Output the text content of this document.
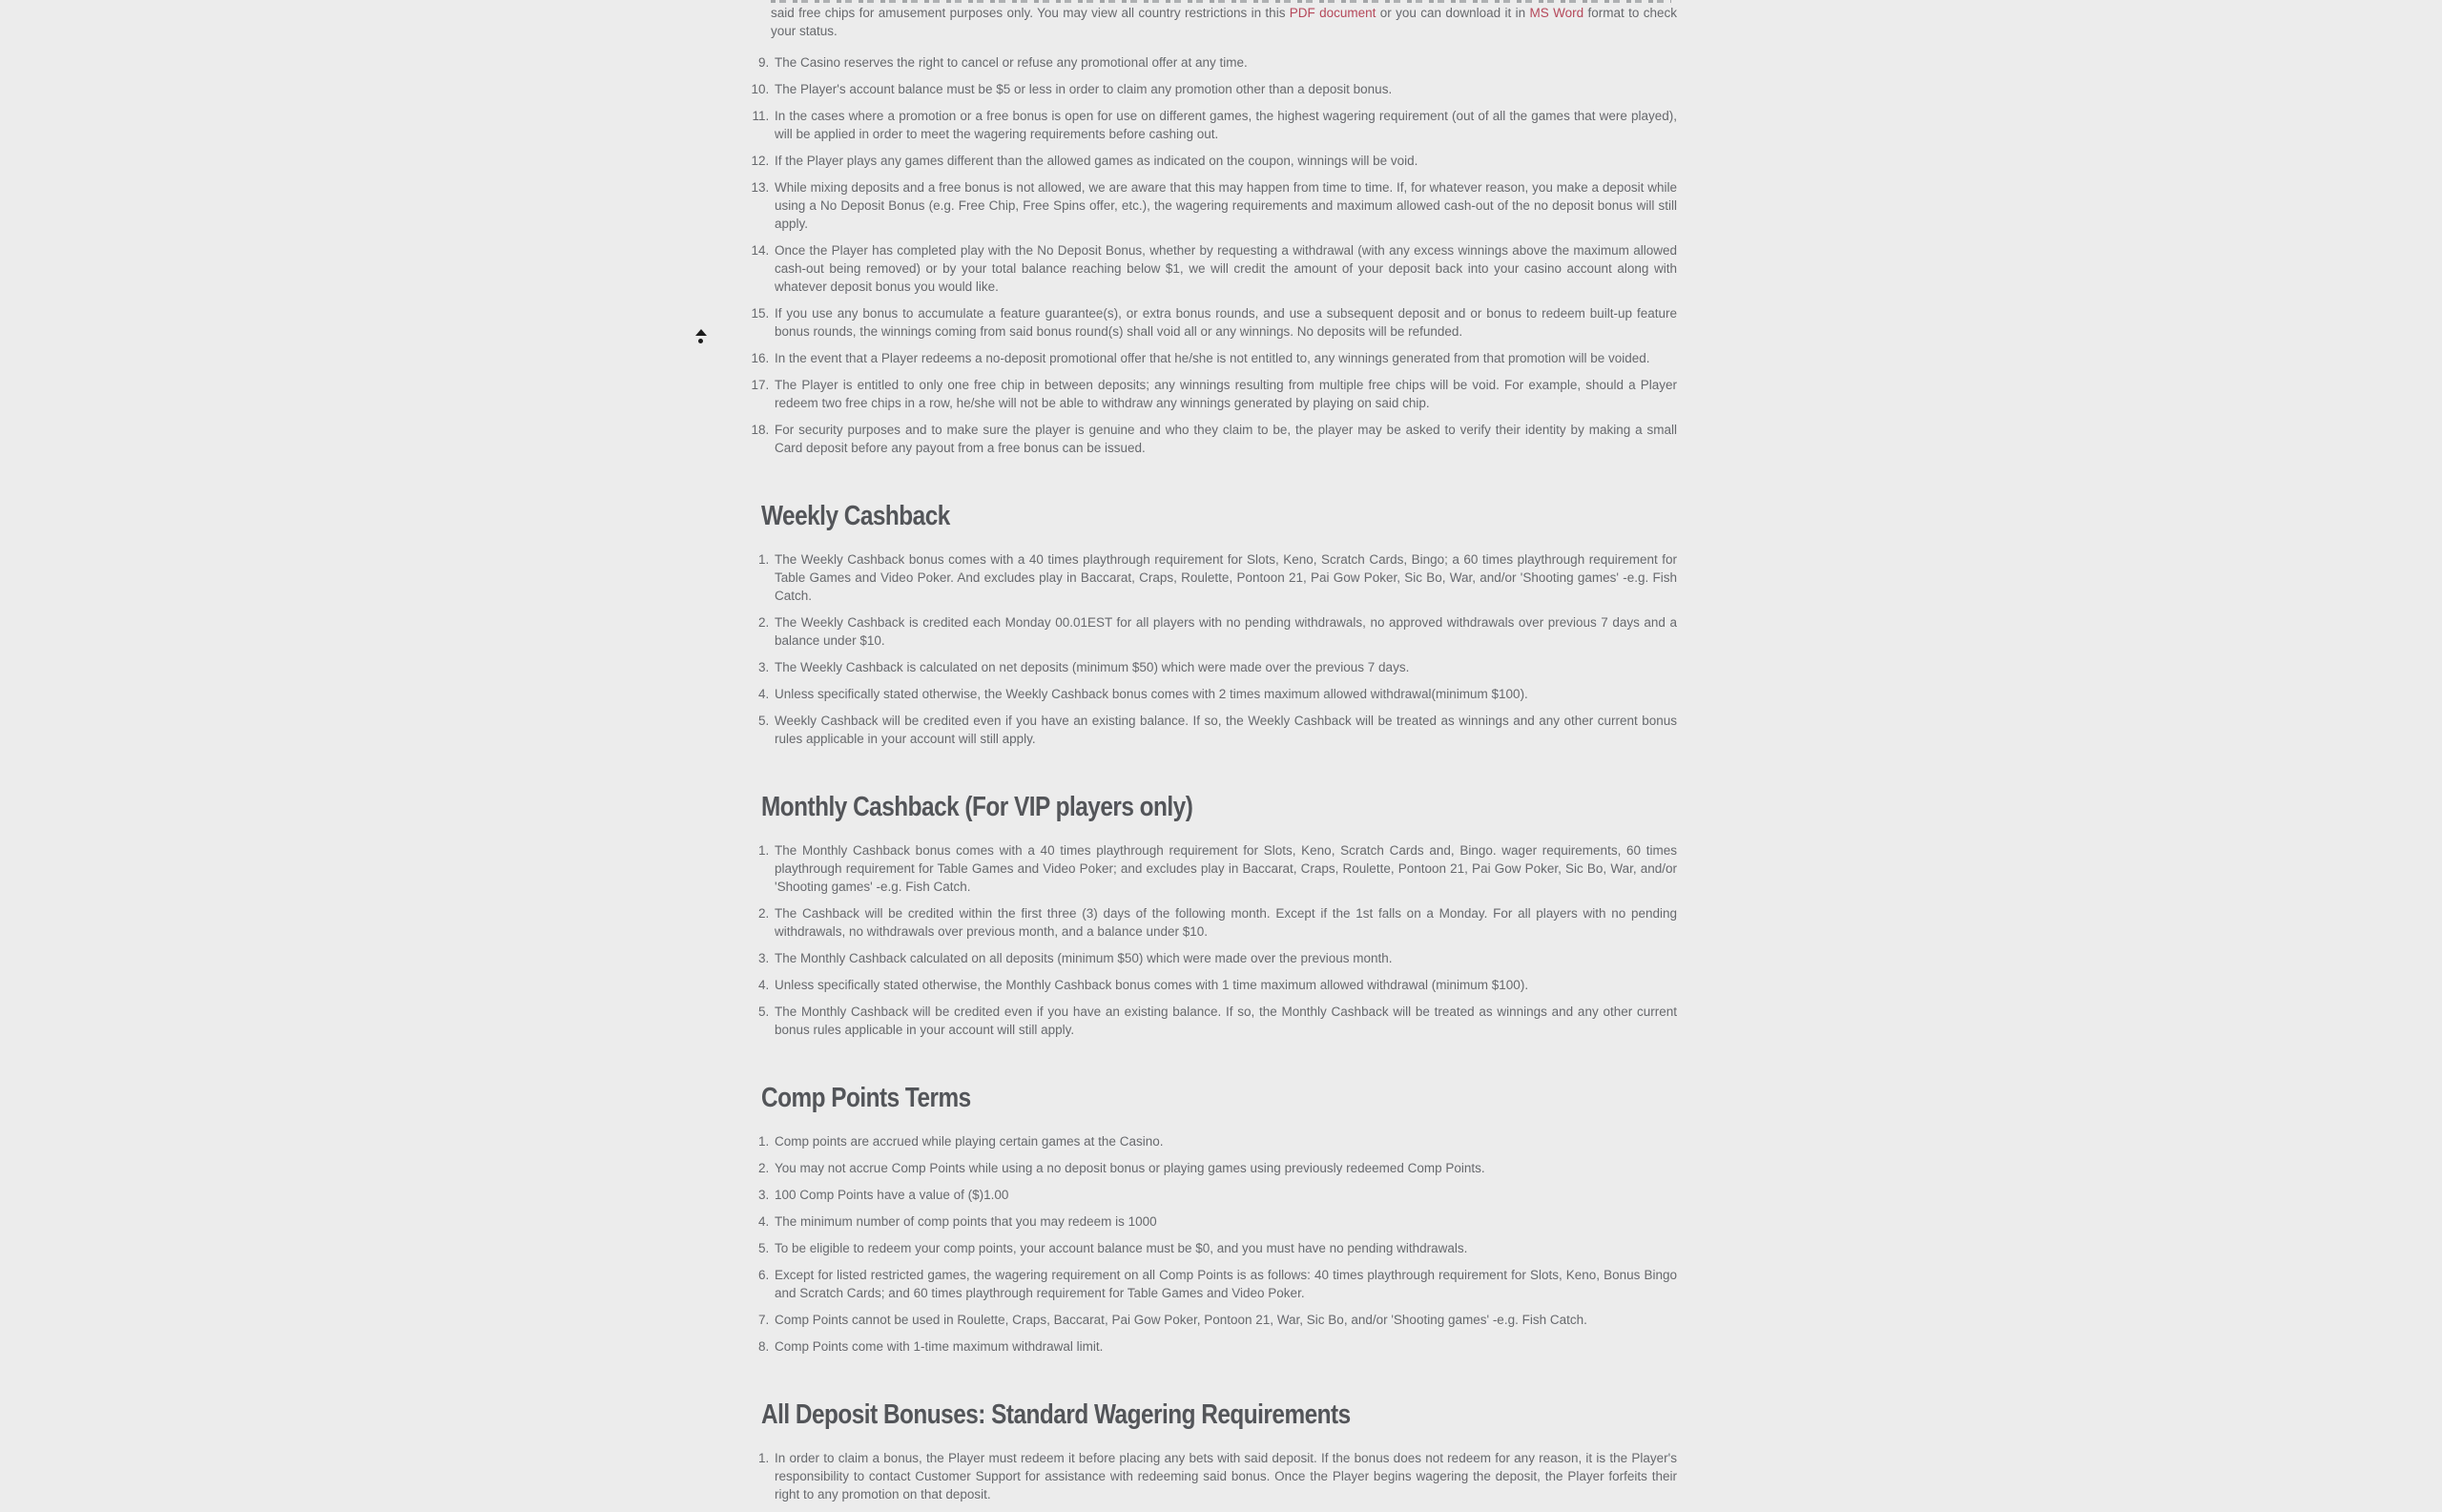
said free chips for amusement purposes only. You may view all country restrictions in this PDF document or you can download it in MS Word format to check your status.

9. The Casino reserves the right to cancel or refuse any promotional offer at any time.
10. The Player's account balance must be $5 or less in order to claim any promotion other than a deposit bonus.
11. In the cases where a promotion or a free bonus is open for use on different games, the highest wagering requirement (out of all the games that were played), will be applied in order to meet the wagering requirements before cashing out.
12. If the Player plays any games different than the allowed games as indicated on the coupon, winnings will be void.
13. While mixing deposits and a free bonus is not allowed, we are aware that this may happen from time to time. If, for whatever reason, you make a deposit while using a No Deposit Bonus (e.g. Free Chip, Free Spins offer, etc.), the wagering requirements and maximum allowed cash-out of the no deposit bonus will still apply.
14. Once the Player has completed play with the No Deposit Bonus, whether by requesting a withdrawal (with any excess winnings above the maximum allowed cash-out being removed) or by your total balance reaching below $1, we will credit the amount of your deposit back into your casino account along with whatever deposit bonus you would like.
15. If you use any bonus to accumulate a feature guarantee(s), or extra bonus rounds, and use a subsequent deposit and or bonus to redeem built-up feature bonus rounds, the winnings coming from said bonus round(s) shall void all or any winnings. No deposits will be refunded.
16. In the event that a Player redeems a no-deposit promotional offer that he/she is not entitled to, any winnings generated from that promotion will be voided.
17. The Player is entitled to only one free chip in between deposits; any winnings resulting from multiple free chips will be void. For example, should a Player redeem two free chips in a row, he/she will not be able to withdraw any winnings generated by playing on said chip.
18. For security purposes and to make sure the player is genuine and who they claim to be, the player may be asked to verify their identity by making a small Card deposit before any payout from a free bonus can be issued.
Weekly Cashback
1. The Weekly Cashback bonus comes with a 40 times playthrough requirement for Slots, Keno, Scratch Cards, Bingo; a 60 times playthrough requirement for Table Games and Video Poker. And excludes play in Baccarat, Craps, Roulette, Pontoon 21, Pai Gow Poker, Sic Bo, War, and/or 'Shooting games' -e.g. Fish Catch.
2. The Weekly Cashback is credited each Monday 00.01EST for all players with no pending withdrawals, no approved withdrawals over previous 7 days and a balance under $10.
3. The Weekly Cashback is calculated on net deposits (minimum $50) which were made over the previous 7 days.
4. Unless specifically stated otherwise, the Weekly Cashback bonus comes with 2 times maximum allowed withdrawal(minimum $100).
5. Weekly Cashback will be credited even if you have an existing balance. If so, the Weekly Cashback will be treated as winnings and any other current bonus rules applicable in your account will still apply.
Monthly Cashback (For VIP players only)
1. The Monthly Cashback bonus comes with a 40 times playthrough requirement for Slots, Keno, Scratch Cards and, Bingo. wager requirements, 60 times playthrough requirement for Table Games and Video Poker; and excludes play in Baccarat, Craps, Roulette, Pontoon 21, Pai Gow Poker, Sic Bo, War, and/or 'Shooting games' -e.g. Fish Catch.
2. The Cashback will be credited within the first three (3) days of the following month. Except if the 1st falls on a Monday. For all players with no pending withdrawals, no withdrawals over previous month, and a balance under $10.
3. The Monthly Cashback calculated on all deposits (minimum $50) which were made over the previous month.
4. Unless specifically stated otherwise, the Monthly Cashback bonus comes with 1 time maximum allowed withdrawal (minimum $100).
5. The Monthly Cashback will be credited even if you have an existing balance. If so, the Monthly Cashback will be treated as winnings and any other current bonus rules applicable in your account will still apply.
Comp Points Terms
1. Comp points are accrued while playing certain games at the Casino.
2. You may not accrue Comp Points while using a no deposit bonus or playing games using previously redeemed Comp Points.
3. 100 Comp Points have a value of ($)1.00
4. The minimum number of comp points that you may redeem is 1000
5. To be eligible to redeem your comp points, your account balance must be $0, and you must have no pending withdrawals.
6. Except for listed restricted games, the wagering requirement on all Comp Points is as follows: 40 times playthrough requirement for Slots, Keno, Bonus Bingo and Scratch Cards; and 60 times playthrough requirement for Table Games and Video Poker.
7. Comp Points cannot be used in Roulette, Craps, Baccarat, Pai Gow Poker, Pontoon 21, War, Sic Bo, and/or 'Shooting games' -e.g. Fish Catch.
8. Comp Points come with 1-time maximum withdrawal limit.
All Deposit Bonuses: Standard Wagering Requirements
1. In order to claim a bonus, the Player must redeem it before placing any bets with said deposit. If the bonus does not redeem for any reason, it is the Player's responsibility to contact Customer Support for assistance with redeeming said bonus. Once the Player begins wagering the deposit, the Player forfeits their right to any promotion on that deposit.
